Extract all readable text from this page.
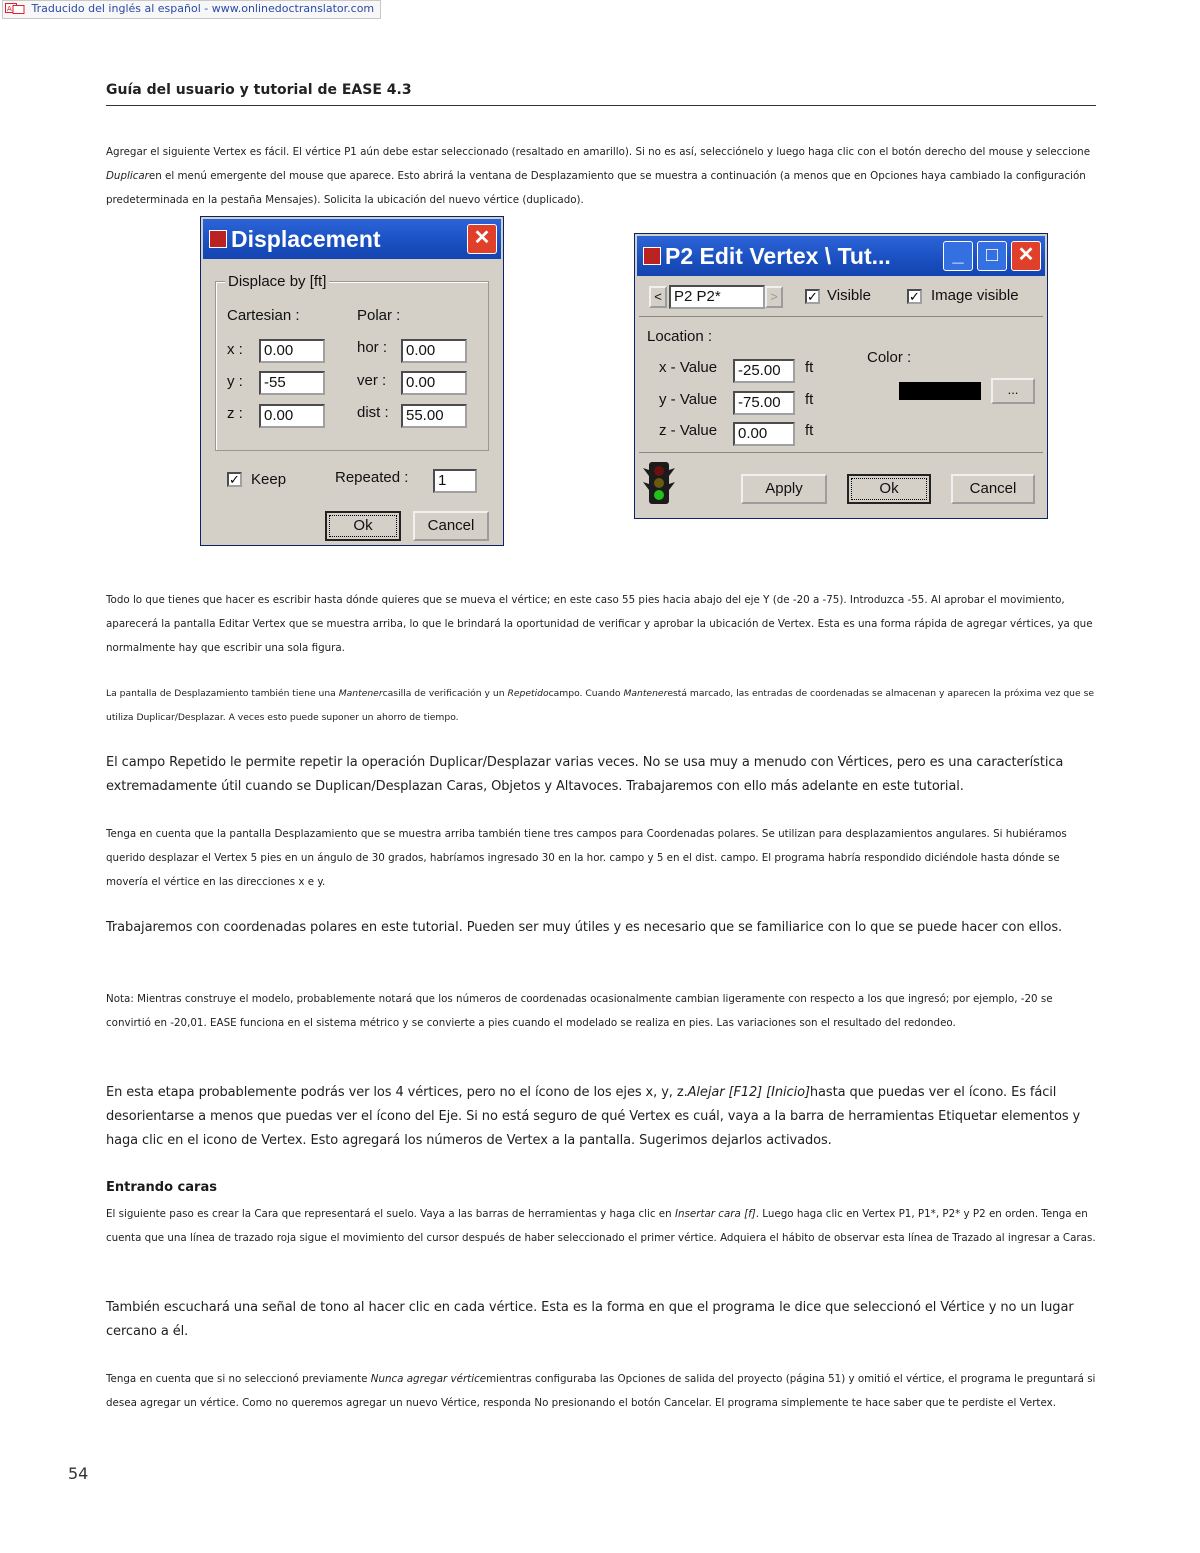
A Traducido del inglés al español - www.onlinedoctranslator.com
Guía del usuario y tutorial de EASE 4.3
Agregar el siguiente Vertex es fácil. El vértice P1 aún debe estar seleccionado (resaltado en amarillo). Si no es así, selecciónelo y luego haga clic con el botón derecho del mouse y seleccione Duplicaren el menú emergente del mouse que aparece. Esto abrirá la ventana de Desplazamiento que se muestra a continuación (a menos que en Opciones haya cambiado la configuración predeterminada en la pestaña Mensajes). Solicita la ubicación del nuevo vértice (duplicado).
Displacement	✕
Displace by [ft]
Cartesian :	Polar :
x :	0.00
y :	-55
z :	0.00
hor :	0.00
ver :	0.00
dist :	55.00
✓ Keep	Repeated :	1
Ok	Cancel
P2 Edit Vertex \ Tut...	_	□ ✕
< P2 P2*	>	✓ Visible	✓ Image visible
Location :
x - Value	-25.00	ft
y - Value	-75.00	ft
z - Value	0.00	ft
Color :
...
Apply	Ok	Cancel
Todo lo que tienes que hacer es escribir hasta dónde quieres que se mueva el vértice; en este caso 55 pies hacia abajo del eje Y (de -20 a -75). Introduzca -55. Al aprobar el movimiento, aparecerá la pantalla Editar Vertex que se muestra arriba, lo que le brindará la oportunidad de verificar y aprobar la ubicación de Vertex. Esta es una forma rápida de agregar vértices, ya que normalmente hay que escribir una sola figura.
La pantalla de Desplazamiento también tiene una Mantenercasilla de verificación y un Repetidocampo. Cuando Mantenerestá marcado, las entradas de coordenadas se almacenan y aparecen la próxima vez que se utiliza Duplicar/Desplazar. A veces esto puede suponer un ahorro de tiempo.
El campo Repetido le permite repetir la operación Duplicar/Desplazar varias veces. No se usa muy a menudo con Vértices, pero es una característica extremadamente útil cuando se Duplican/Desplazan Caras, Objetos y Altavoces. Trabajaremos con ello más adelante en este tutorial.
Tenga en cuenta que la pantalla Desplazamiento que se muestra arriba también tiene tres campos para Coordenadas polares. Se utilizan para desplazamientos angulares. Si hubiéramos querido desplazar el Vertex 5 pies en un ángulo de 30 grados, habríamos ingresado 30 en la hor. campo y 5 en el dist. campo. El programa habría respondido diciéndole hasta dónde se movería el vértice en las direcciones x e y.
Trabajaremos con coordenadas polares en este tutorial. Pueden ser muy útiles y es necesario que se familiarice con lo que se puede hacer con ellos.
Nota: Mientras construye el modelo, probablemente notará que los números de coordenadas ocasionalmente cambian ligeramente con respecto a los que ingresó; por ejemplo, -20 se convirtió en -20,01. EASE funciona en el sistema métrico y se convierte a pies cuando el modelado se realiza en pies. Las variaciones son el resultado del redondeo.
En esta etapa probablemente podrás ver los 4 vértices, pero no el ícono de los ejes x, y, z.Alejar [F12] [Inicio]hasta que puedas ver el ícono. Es fácil desorientarse a menos que puedas ver el ícono del Eje. Si no está seguro de qué Vertex es cuál, vaya a la barra de herramientas Etiquetar elementos y haga clic en el icono de Vertex. Esto agregará los números de Vertex a la pantalla. Sugerimos dejarlos activados.
Entrando caras
El siguiente paso es crear la Cara que representará el suelo. Vaya a las barras de herramientas y haga clic en Insertar cara [f]. Luego haga clic en Vertex P1, P1*, P2* y P2 en orden. Tenga en cuenta que una línea de trazado roja sigue el movimiento del cursor después de haber seleccionado el primer vértice. Adquiera el hábito de observar esta línea de Trazado al ingresar a Caras.
También escuchará una señal de tono al hacer clic en cada vértice. Esta es la forma en que el programa le dice que seleccionó el Vértice y no un lugar cercano a él.
Tenga en cuenta que si no seleccionó previamente Nunca agregar vérticemientras configuraba las Opciones de salida del proyecto (página 51) y omitió el vértice, el programa le preguntará si desea agregar un vértice. Como no queremos agregar un nuevo Vértice, responda No presionando el botón Cancelar. El programa simplemente te hace saber que te perdiste el Vertex.
54
